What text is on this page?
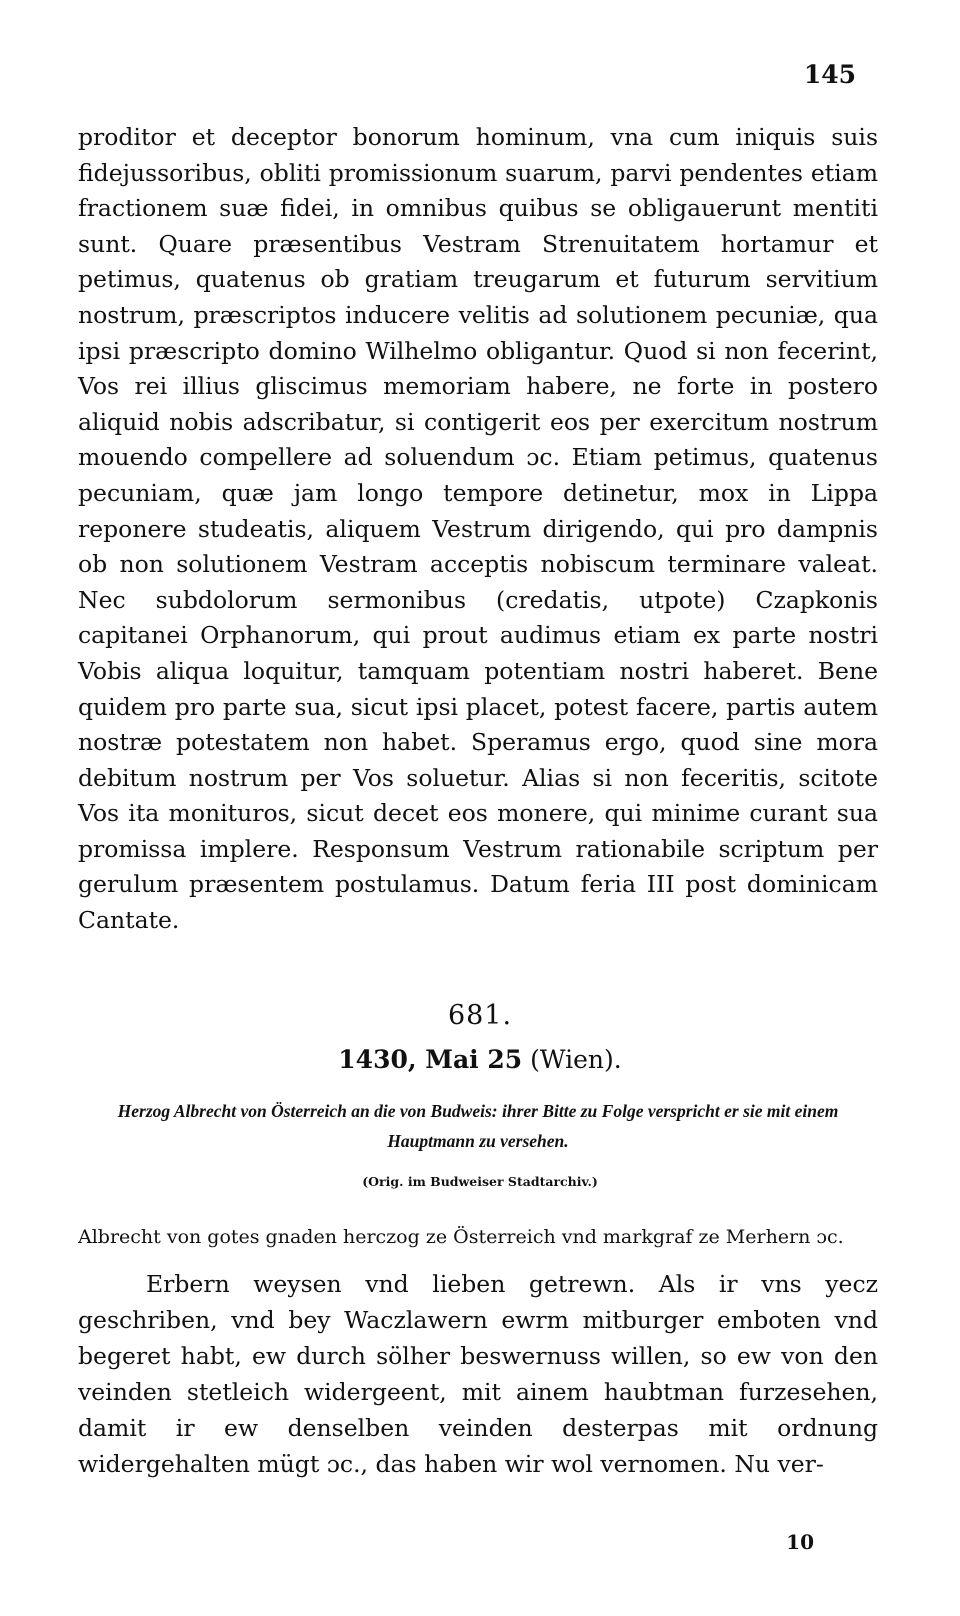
145

proditor et deceptor bonorum hominum, vna cum iniquis suis fidejussoribus, obliti promissionum suarum, parvi pendentes etiam fractionem suæ fidei, in omnibus quibus se obligauerunt mentiti sunt. Quare præsentibus Vestram Strenuitatem hortamur et petimus, quatenus ob gratiam treugarum et futurum servitium nostrum, præscriptos inducere velitis ad solutionem pecuniæ, qua ipsi præscripto domino Wilhelmo obligantur. Quod si non fecerint, Vos rei illius gliscimus memoriam habere, ne forte in postero aliquid nobis adscribatur, si contigerit eos per exercitum nostrum mouendo compellere ad soluendum ɔc. Etiam petimus, quatenus pecuniam, quæ jam longo tempore detinetur, mox in Lippa reponere studeatis, aliquem Vestrum dirigendo, qui pro dampnis ob non solutionem Vestram acceptis nobiscum terminare valeat. Nec subdolorum sermonibus (credatis, utpote) Czapkonis capitanei Orphanorum, qui prout audimus etiam ex parte nostri Vobis aliqua loquitur, tamquam potentiam nostri haberet. Bene quidem pro parte sua, sicut ipsi placet, potest facere, partis autem nostræ potestatem non habet. Speramus ergo, quod sine mora debitum nostrum per Vos soluetur. Alias si non feceritis, scitote Vos ita monituros, sicut decet eos monere, qui minime curant sua promissa implere. Responsum Vestrum rationabile scriptum per gerulum præsentem postulamus. Datum feria III post dominicam Cantate.

681.
1430, Mai 25 (Wien).

Herzog Albrecht von Österreich an die von Budweis: ihrer Bitte zu Folge verspricht er sie mit einem Hauptmann zu versehen.

(Orig. im Budweiser Stadtarchiv.)

Albrecht von gotes gnaden herczog ze Österreich vnd markgraf ze Merhern ɔc.

Erbern weysen vnd lieben getrewn. Als ir vns yecz geschriben, vnd bey Waczlawern ewrm mitburger emboten vnd begeret habt, ew durch sölher beswernuss willen, so ew von den veinden stetleich widergeent, mit ainem haubtman furzesehen, damit ir ew denselben veinden desterpas mit ordnung widergehalten mügt ɔc., das haben wir wol vernomen. Nu ver-

10
